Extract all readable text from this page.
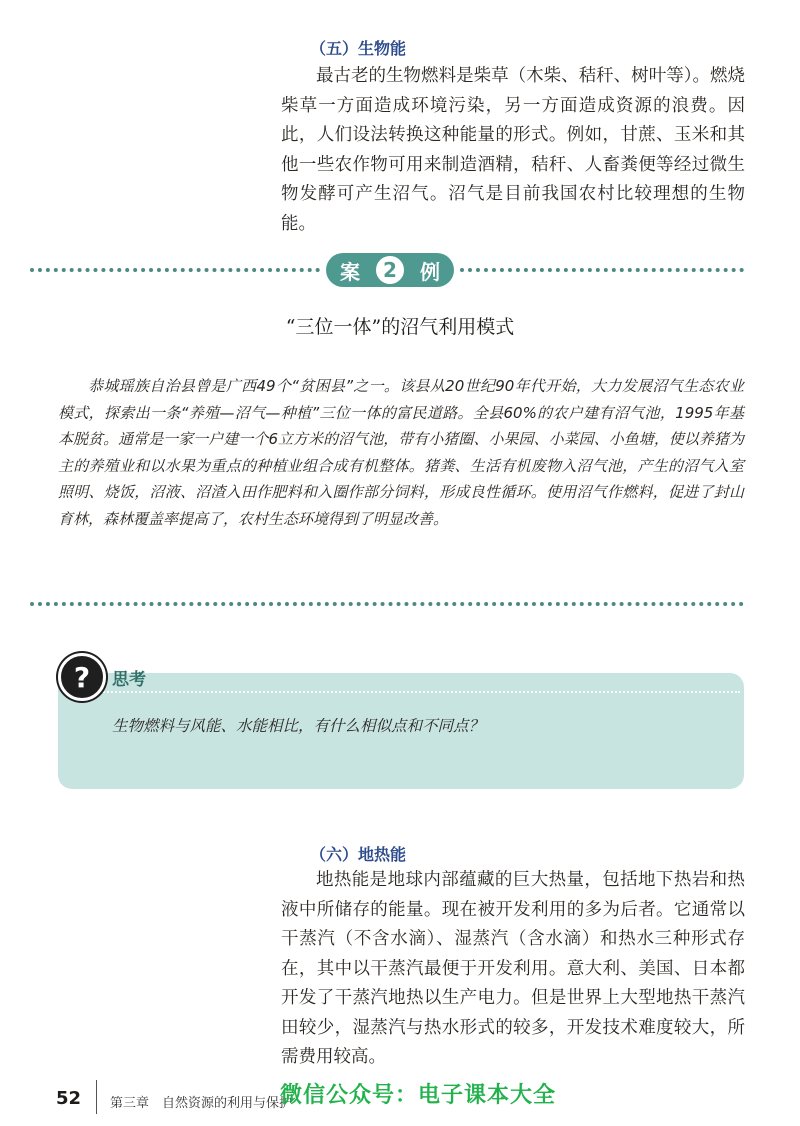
（五）生物能

最古老的生物燃料是柴草（木柴、秸秆、树叶等）。燃烧柴草一方面造成环境污染，另一方面造成资源的浪费。因此，人们设法转换这种能量的形式。例如，甘蔗、玉米和其他一些农作物可用来制造酒精，秸秆、人畜粪便等经过微生物发酵可产生沼气。沼气是目前我国农村比较理想的生物能。

案	2	例
“三位一体”的沼气利用模式

恭城瑶族自治县曾是广西49个“贫困县”之一。该县从20世纪90年代开始，大力发展沼气生态农业模式，探索出一条“养殖—沼气—种植”三位一体的富民道路。全县60%的农户建有沼气池，1995年基本脱贫。通常是一家一户建一个6立方米的沼气池，带有小猪圈、小果园、小菜园、小鱼塘，使以养猪为主的养殖业和以水果为重点的种植业组合成有机整体。猪粪、生活有机废物入沼气池，产生的沼气入室照明、烧饭，沼液、沼渣入田作肥料和入圈作部分饲料，形成良性循环。使用沼气作燃料，促进了封山育林，森林覆盖率提高了，农村生态环境得到了明显改善。

?	思考
生物燃料与风能、水能相比，有什么相似点和不同点？
（六）地热能

地热能是地球内部蕴藏的巨大热量，包括地下热岩和热液中所储存的能量。现在被开发利用的多为后者。它通常以干蒸汽（不含水滴）、湿蒸汽（含水滴）和热水三种形式存在，其中以干蒸汽最便于开发利用。意大利、美国、日本都开发了干蒸汽地热以生产电力。但是世界上大型地热干蒸汽田较少，湿蒸汽与热水形式的较多，开发技术难度较大，所需费用较高。

52 第三章　自然资源的利用与保护
微信公众号：电子课本大全
